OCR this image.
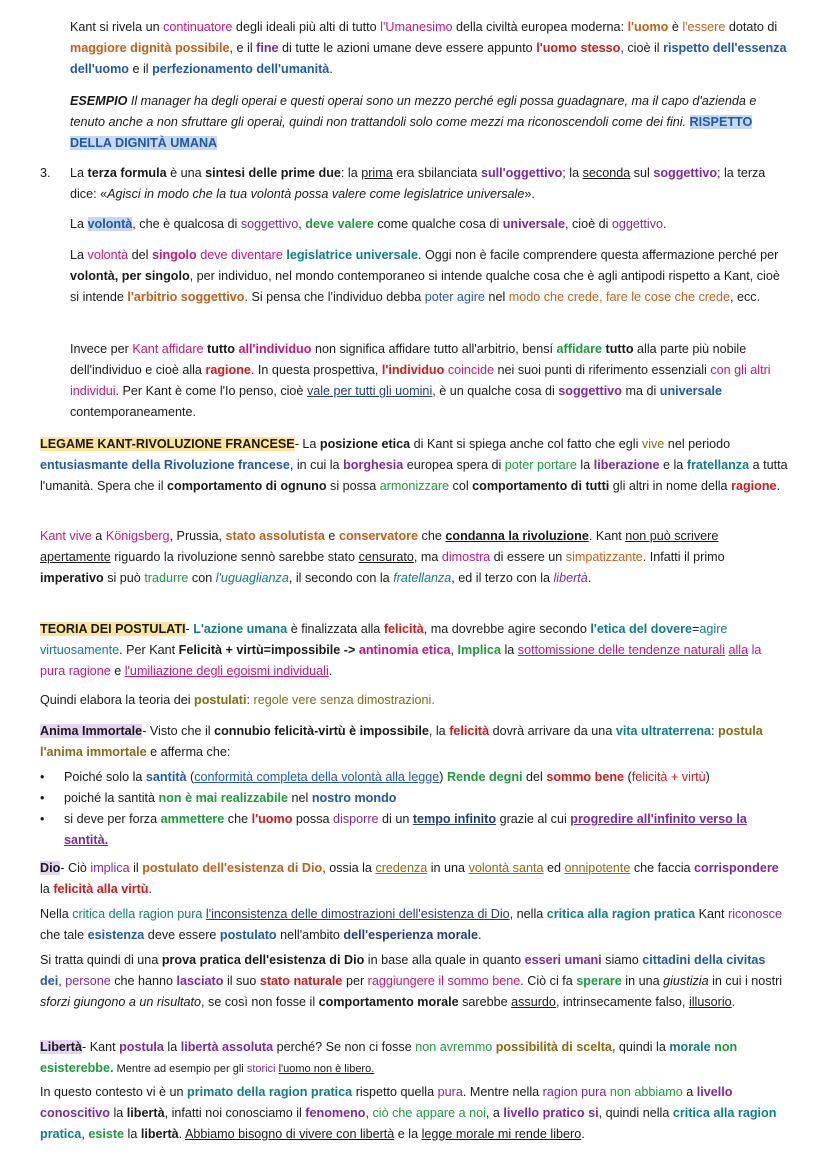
Kant si rivela un continuatore degli ideali più alti di tutto l'Umanesimo della civiltà europea moderna: l'uomo è l'essere dotato di maggiore dignità possibile, e il fine di tutte le azioni umane deve essere appunto l'uomo stesso, cioè il rispetto dell'essenza dell'uomo e il perfezionamento dell'umanità.

ESEMPIO Il manager ha degli operai e questi operai sono un mezzo perché egli possa guadagnare, ma il capo d'azienda e tenuto anche a non sfruttare gli operai, quindi non trattandoli solo come mezzi ma riconoscendoli come dei fini. RISPETTO DELLA DIGNITÀ UMANA

3. La terza formula è una sintesi delle prime due: la prima era sbilanciata sull'oggettivo; la seconda sul soggettivo; la terza dice: «Agisci in modo che la tua volontà possa valere come legislatrice universale».

La volontà, che è qualcosa di soggettivo, deve valere come qualche cosa di universale, cioè di oggettivo.

La volontà del singolo deve diventare legislatrice universale. Oggi non è facile comprendere questa affermazione perché per volontà, per singolo, per individuo, nel mondo contemporaneo si intende qualche cosa che è agli antipodi rispetto a Kant, cioè si intende l'arbitrio soggettivo. Si pensa che l'individuo debba poter agire nel modo che crede, fare le cose che crede, ecc.

Invece per Kant affidare tutto all'individuo non significa affidare tutto all'arbitrio, bensí affidare tutto alla parte più nobile dell'individuo e cioè alla ragione. In questa prospettiva, l'individuo coincide nei suoi punti di riferimento essenziali con gli altri individui. Per Kant è come l'Io penso, cioè vale per tutti gli uomini, è un qualche cosa di soggettivo ma di universale contemporaneamente.

LEGAME KANT-RIVOLUZIONE FRANCESE- La posizione etica di Kant si spiega anche col fatto che egli vive nel periodo entusiasmante della Rivoluzione francese, in cui la borghesia europea spera di poter portare la liberazione e la fratellanza a tutta l'umanità. Spera che il comportamento di ognuno si possa armonizzare col comportamento di tutti gli altri in nome della ragione.

Kant vive a Königsberg, Prussia, stato assolutista e conservatore che condanna la rivoluzione. Kant non può scrivere apertamente riguardo la rivoluzione sennò sarebbe stato censurato, ma dimostra di essere un simpatizzante. Infatti il primo imperativo si può tradurre con l'uguaglianza, il secondo con la fratellanza, ed il terzo con la libertà.

TEORIA DEI POSTULATI- L'azione umana è finalizzata alla felicità, ma dovrebbe agire secondo l'etica del dovere=agire virtuosamente. Per Kant Felicità + virtù=impossibile -> antinomia etica, Implica la sottomissione delle tendenze naturali alla la pura ragione e l'umiliazione degli egoismi individuali.

Quindi elabora la teoria dei postulati: regole vere senza dimostrazioni.

Anima Immortale- Visto che il connubio felicità-virtù è impossibile, la felicità dovrà arrivare da una vita ultraterrena: postula l'anima immortale e afferma che:

• Poiché solo la santità (conformità completa della volontà alla legge) Rende degni del sommo bene (felicità + virtù)
• poiché la santità non è mai realizzabile nel nostro mondo
• si deve per forza ammettere che l'uomo possa disporre di un tempo infinito grazie al cui progredire all'infinito verso la santità.

Dio- Ciò implica il postulato dell'esistenza di Dio, ossia la credenza in una volontà santa ed onnipotente che faccia corrispondere la felicità alla virtù.

Nella critica della ragion pura l'inconsistenza delle dimostrazioni dell'esistenza di Dio, nella critica alla ragion pratica Kant riconosce che tale esistenza deve essere postulato nell'ambito dell'esperienza morale.

Si tratta quindi di una prova pratica dell'esistenza di Dio in base alla quale in quanto esseri umani siamo cittadini della civitas dei, persone che hanno lasciato il suo stato naturale per raggiungere il sommo bene. Ciò ci fa sperare in una giustizia in cui i nostri sforzi giungono a un risultato, se così non fosse il comportamento morale sarebbe assurdo, intrinsecamente falso, illusorio.

Libertà- Kant postula la libertà assoluta perché? Se non ci fosse non avremmo possibilità di scelta, quindi la morale non esisterebbe. Mentre ad esempio per gli storici l'uomo non è libero.

In questo contesto vi è un primato della ragion pratica rispetto quella pura. Mentre nella ragion pura non abbiamo a livello conoscitivo la libertà, infatti noi conosciamo il fenomeno, ciò che appare a noi, a livello pratico si, quindi nella critica alla ragion pratica, esiste la libertà. Abbiamo bisogno di vivere con libertà e la legge morale mi rende libero.
